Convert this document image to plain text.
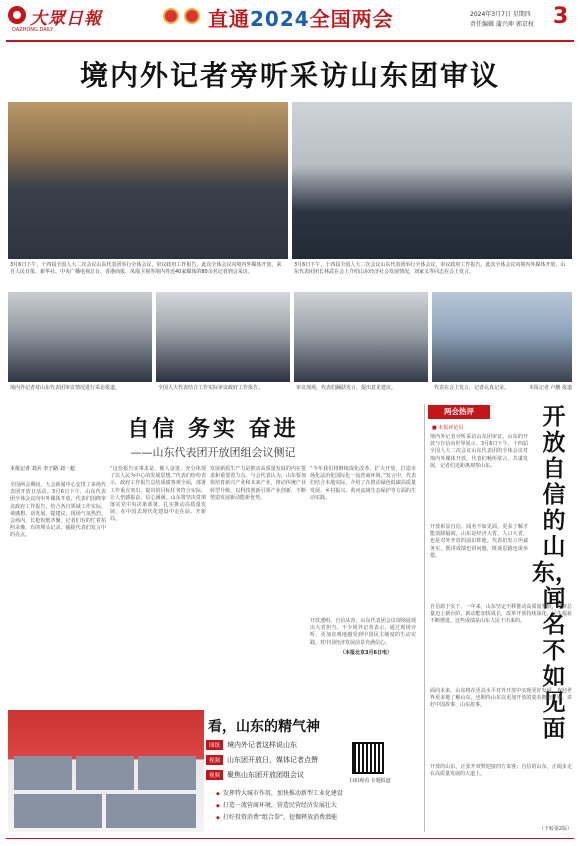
大眾日報
DAZHONG DAILY	直通2024全国两会	2024年3月7日 星期四
责任编辑 蒲兴坤 郭京权 3
境内外记者旁听采访山东团审议
3月6日下午，十四届全国人大二次会议山东代表团举行全体会议，审议政府工作报告。此次全体会议向境内外媒体开放，来自人民日报、新华社、中央广播电视总台、香港商报、凤凰卫视等境内外近40家媒体的80余名记者到会采访。
3月6日下午，十四届全国人大二次会议山东代表团举行全体会议，审议政府工作报告。此次全体会议向境内外媒体开放，山东代表团团长林武在会上介绍山东经济社会发展情况，刘家义等同志在会上发言。
境内外记者对山东代表团审议情况进行采访报道。	全国人大代表结合工作实际审议政府工作报告。	审议现场，代表们踊跃发言，提出意见建议。	代表在会上发言，记者认真记录。	本报记者 卢鹏 报道
自信 务实 奋进
——山东代表团开放团组会议侧记
本报记者 刘兵 李子路 刘一超
全国两会期间，大会新闻中心安排了多场代表团开放日活动。3月6日下午，山东代表团全体会议向中外媒体开放，代表们围绕审议政府工作报告，结合各自领域工作实际，谈感想、话发展、提建议，现场气氛热烈。会场内，长枪短炮齐聚，记者们有的忙着拍照录像，有的埋头记录，捕捉代表们发言中的亮点。
“这份报告实事求是、催人奋进，充分体现了以人民为中心的发展思想。”代表们纷纷表示，政府工作报告总结成绩客观全面，部署工作重点突出，提出的目标任务符合实际，让人倍感振奋、信心满满。山东将坚决贯彻落实党中央决策部署，扎实推动高质量发展，在中国式现代化建设中走在前、开新局。
发展新质生产力是推动高质量发展的内在要求和重要着力点。与会代表认为，山东要加快培育新兴产业和未来产业，推动传统产业转型升级，以科技创新引领产业创新，不断塑造发展新动能新优势。
“今年我们将继续深化改革、扩大开放，打造市场化法治化国际化一流营商环境。”发言中，代表们结合本地实际，介绍了在推动绿色低碳高质量发展、乡村振兴、黄河流域生态保护等方面的生动实践。
开放透明、自信从容，山东代表团会议现场展现出大省担当。不少境外记者表示，通过现场旁听，更加直观地感受到中国民主制度的生动实践，对中国经济发展前景充满信心。
（本报北京3月6日电）
两会热评
■ 本报评论员	开放自信的山东，闻名不如见面
境内外记者旁听采访山东团审议，山东的开放与自信向世界展示。3月6日下午，十四届全国人大二次会议山东代表团的全体会议对境内外媒体开放，代表们畅所欲言、共谋发展，记者们近距离观察山东。
开放彰显自信。闻名不如见面，更多了解才能消除隔阂。山东是经济大省、人口大省，也是对外开放的前沿阵地。代表们发言坦诚务实，既讲成绩也讲问题，既谈思路也谈举措。
自信源于实干。一年来，山东坚定不移推动高质量发展，经济总量迈上新台阶，新动能加快成长，改革开放持续深化，民生福祉不断增进。这些成绩是山东人民干出来的。
面向未来，山东将在更高水平对外开放中实现更好发展。欢迎世界更多地了解山东，也期待山东以更加开放的姿态拥抱世界，讲好中国故事、山东故事。
开放的山东，正张开双臂迎接四方来客；自信的山东，正阔步走在高质量发展的大道上。
（下转第2版）
看，山东的精气神
图纸	境内外记者这样说山东
视频	山东团开放日，媒体记者点赞
视频	聚焦山东团开放团组会议
◆ 发挥特大城市作用，加快推动新型工业化建设
◆ 打造一流营商环境，营造民营经济发展壮大
◆ 打好投资消费“组合拳”，挖掘释放消费潜能
扫码观看 专题报道
